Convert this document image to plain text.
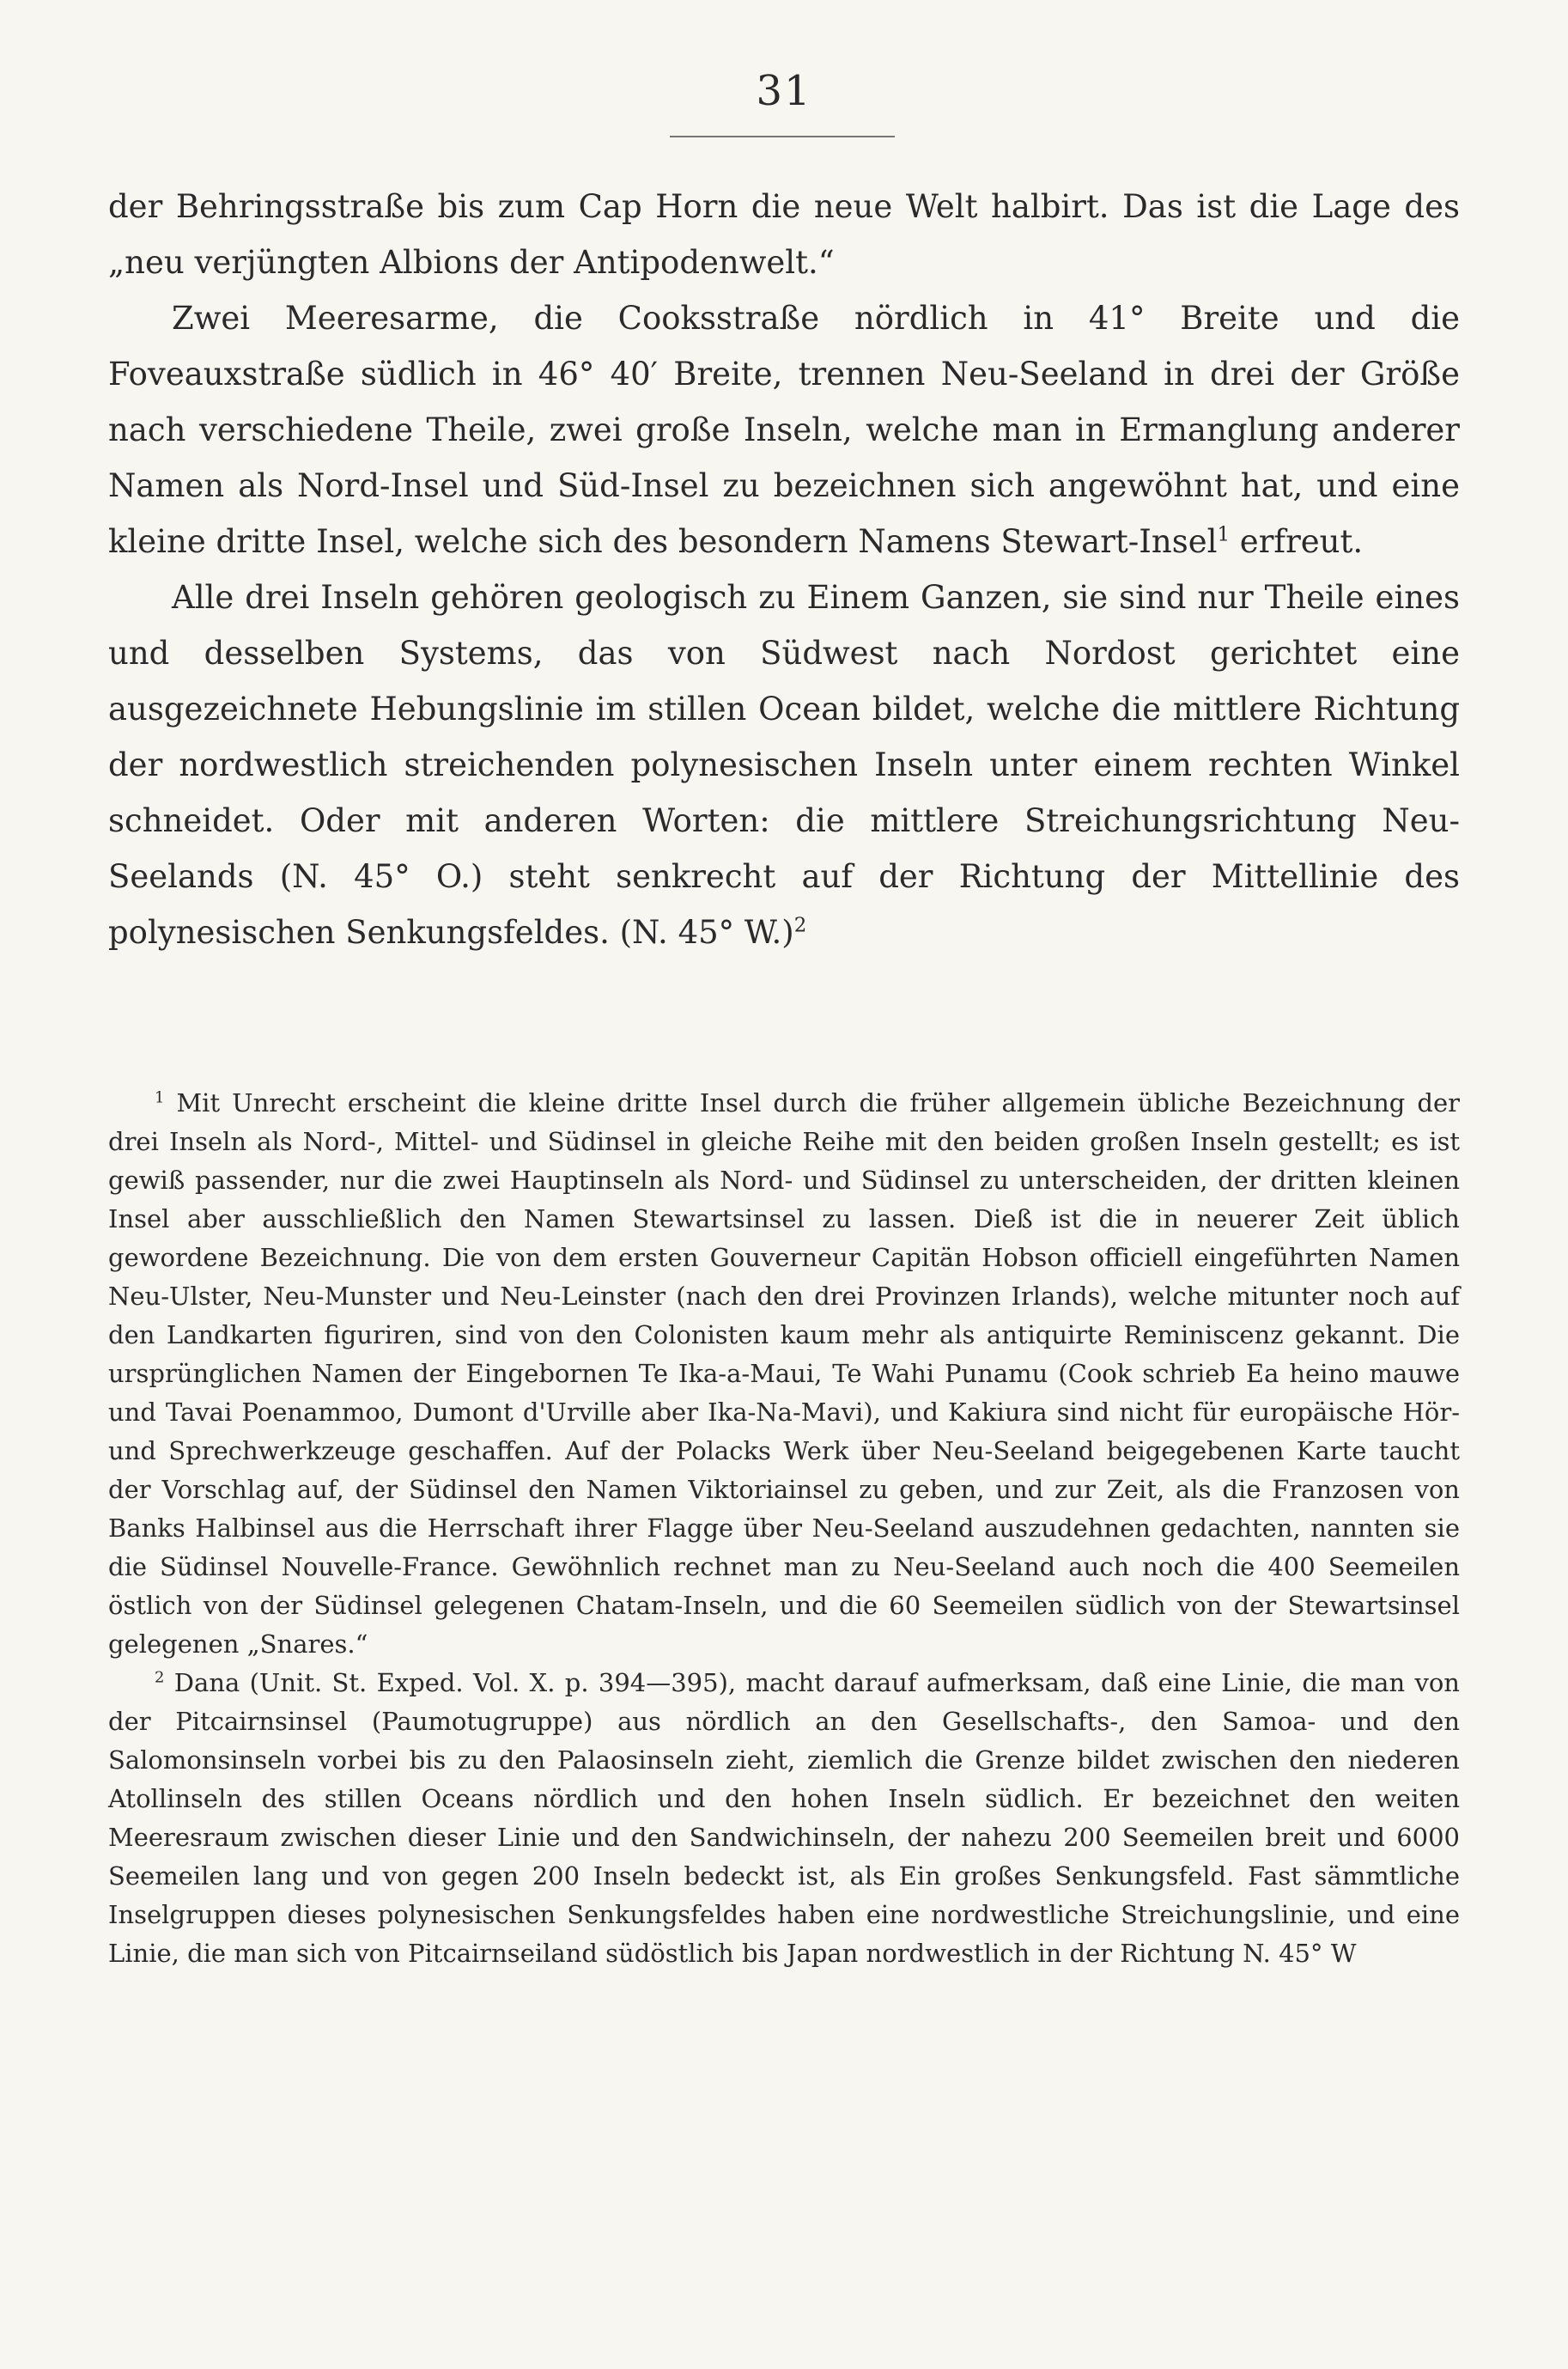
31

der Behringsstraße bis zum Cap Horn die neue Welt halbirt. Das ist die Lage des „neu verjüngten Albions der Antipodenwelt.“

Zwei Meeresarme, die Cooksstraße nördlich in 41° Breite und die Foveauxstraße südlich in 46° 40′ Breite, trennen Neu-Seeland in drei der Größe nach verschiedene Theile, zwei große Inseln, welche man in Ermanglung anderer Namen als Nord-Insel und Süd-Insel zu bezeichnen sich angewöhnt hat, und eine kleine dritte Insel, welche sich des besondern Namens Stewart-Insel$^1$ erfreut.

Alle drei Inseln gehören geologisch zu Einem Ganzen, sie sind nur Theile eines und desselben Systems, das von Südwest nach Nordost gerichtet eine ausgezeichnete Hebungslinie im stillen Ocean bildet, welche die mittlere Richtung der nordwestlich streichenden polynesischen Inseln unter einem rechten Winkel schneidet. Oder mit anderen Worten: die mittlere Streichungsrichtung Neu-Seelands (N. 45° O.) steht senkrecht auf der Richtung der Mittellinie des polynesischen Senkungsfeldes. (N. 45° W.)$^2$

$^1$ Mit Unrecht erscheint die kleine dritte Insel durch die früher allgemein übliche Bezeichnung der drei Inseln als Nord-, Mittel- und Südinsel in gleiche Reihe mit den beiden großen Inseln gestellt; es ist gewiß passender, nur die zwei Hauptinseln als Nord- und Südinsel zu unterscheiden, der dritten kleinen Insel aber ausschließlich den Namen Stewartsinsel zu lassen. Dieß ist die in neuerer Zeit üblich gewordene Bezeichnung. Die von dem ersten Gouverneur Capitän Hobson officiell eingeführten Namen Neu-Ulster, Neu-Munster und Neu-Leinster (nach den drei Provinzen Irlands), welche mitunter noch auf den Landkarten figuriren, sind von den Colonisten kaum mehr als antiquirte Reminiscenz gekannt. Die ursprünglichen Namen der Eingebornen Te Ika-a-Maui, Te Wahi Punamu (Cook schrieb Ea heino mauwe und Tavai Poenammoo, Dumont d'Urville aber Ika-Na-Mavi), und Kakiura sind nicht für europäische Hör- und Sprechwerkzeuge geschaffen. Auf der Polacks Werk über Neu-Seeland beigegebenen Karte taucht der Vorschlag auf, der Südinsel den Namen Viktoriainsel zu geben, und zur Zeit, als die Franzosen von Banks Halbinsel aus die Herrschaft ihrer Flagge über Neu-Seeland auszudehnen gedachten, nannten sie die Südinsel Nouvelle-France. Gewöhnlich rechnet man zu Neu-Seeland auch noch die 400 Seemeilen östlich von der Südinsel gelegenen Chatam-Inseln, und die 60 Seemeilen südlich von der Stewartsinsel gelegenen „Snares.“

$^2$ Dana (Unit. St. Exped. Vol. X. p. 394—395), macht darauf aufmerksam, daß eine Linie, die man von der Pitcairnsinsel (Paumotugruppe) aus nördlich an den Gesellschafts-, den Samoa- und den Salomonsinseln vorbei bis zu den Palaosinseln zieht, ziemlich die Grenze bildet zwischen den niederen Atollinseln des stillen Oceans nördlich und den hohen Inseln südlich. Er bezeichnet den weiten Meeresraum zwischen dieser Linie und den Sandwichinseln, der nahezu 200 Seemeilen breit und 6000 Seemeilen lang und von gegen 200 Inseln bedeckt ist, als Ein großes Senkungsfeld. Fast sämmtliche Inselgruppen dieses polynesischen Senkungsfeldes haben eine nordwestliche Streichungslinie, und eine Linie, die man sich von Pitcairnseiland südöstlich bis Japan nordwestlich in der Richtung N. 45° W
